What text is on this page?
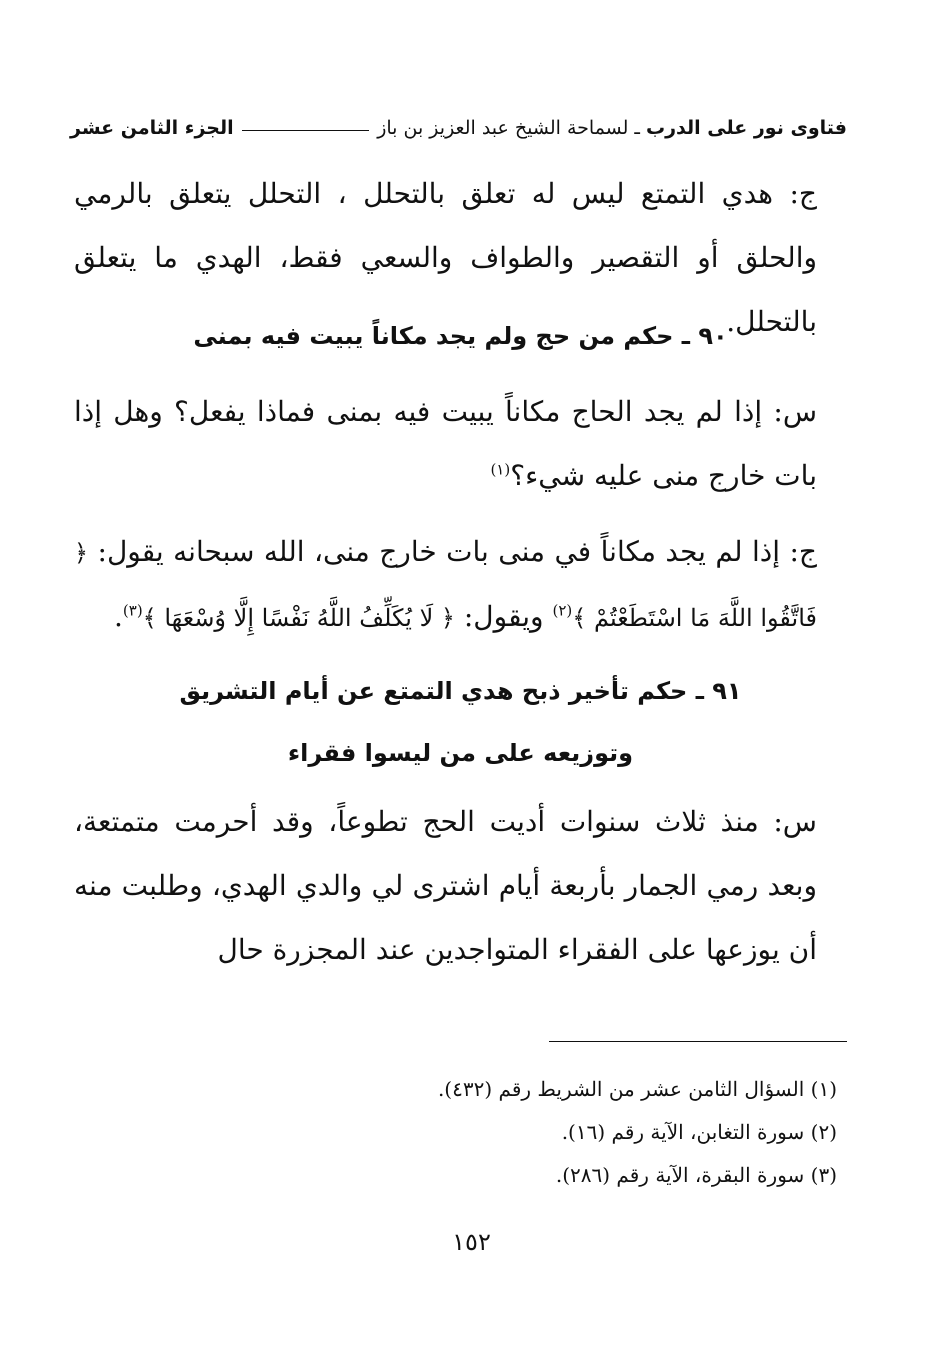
فتاوى نور على الدرب
ـ
لسماحة الشيخ عبد العزيز بن باز
الجزء الثامن عشر
ج: هدي التمتع ليس له تعلق بالتحلل ، التحلل يتعلق بالرمي والحلق أو التقصير والطواف والسعي فقط، الهدي ما يتعلق بالتحلل.
٩٠ ـ حكم من حج ولم يجد مكاناً يبيت فيه بمنى
س: إذا لم يجد الحاج مكاناً يبيت فيه بمنى فماذا يفعل؟ وهل إذا بات خارج منى عليه شيء؟$^{(١)}$
ج: إذا لم يجد مكاناً في منى بات خارج منى، الله سبحانه يقول: ﴿ فَاتَّقُوا اللَّهَ مَا اسْتَطَعْتُمْ ﴾$^{(٢)}$ ويقول: ﴿ لَا يُكَلِّفُ اللَّهُ نَفْسًا إِلَّا وُسْعَهَا ﴾$^{(٣)}$.
٩١ ـ حكم تأخير ذبح هدي التمتع عن أيام التشريق
وتوزيعه على من ليسوا فقراء
س: منذ ثلاث سنوات أديت الحج تطوعاً، وقد أحرمت متمتعة، وبعد رمي الجمار بأربعة أيام اشترى لي والدي الهدي، وطلبت منه أن يوزعها على الفقراء المتواجدين عند المجزرة حال
(١) السؤال الثامن عشر من الشريط رقم (٤٣٢).
(٢) سورة التغابن، الآية رقم (١٦).
(٣) سورة البقرة، الآية رقم (٢٨٦).
١٥٢
